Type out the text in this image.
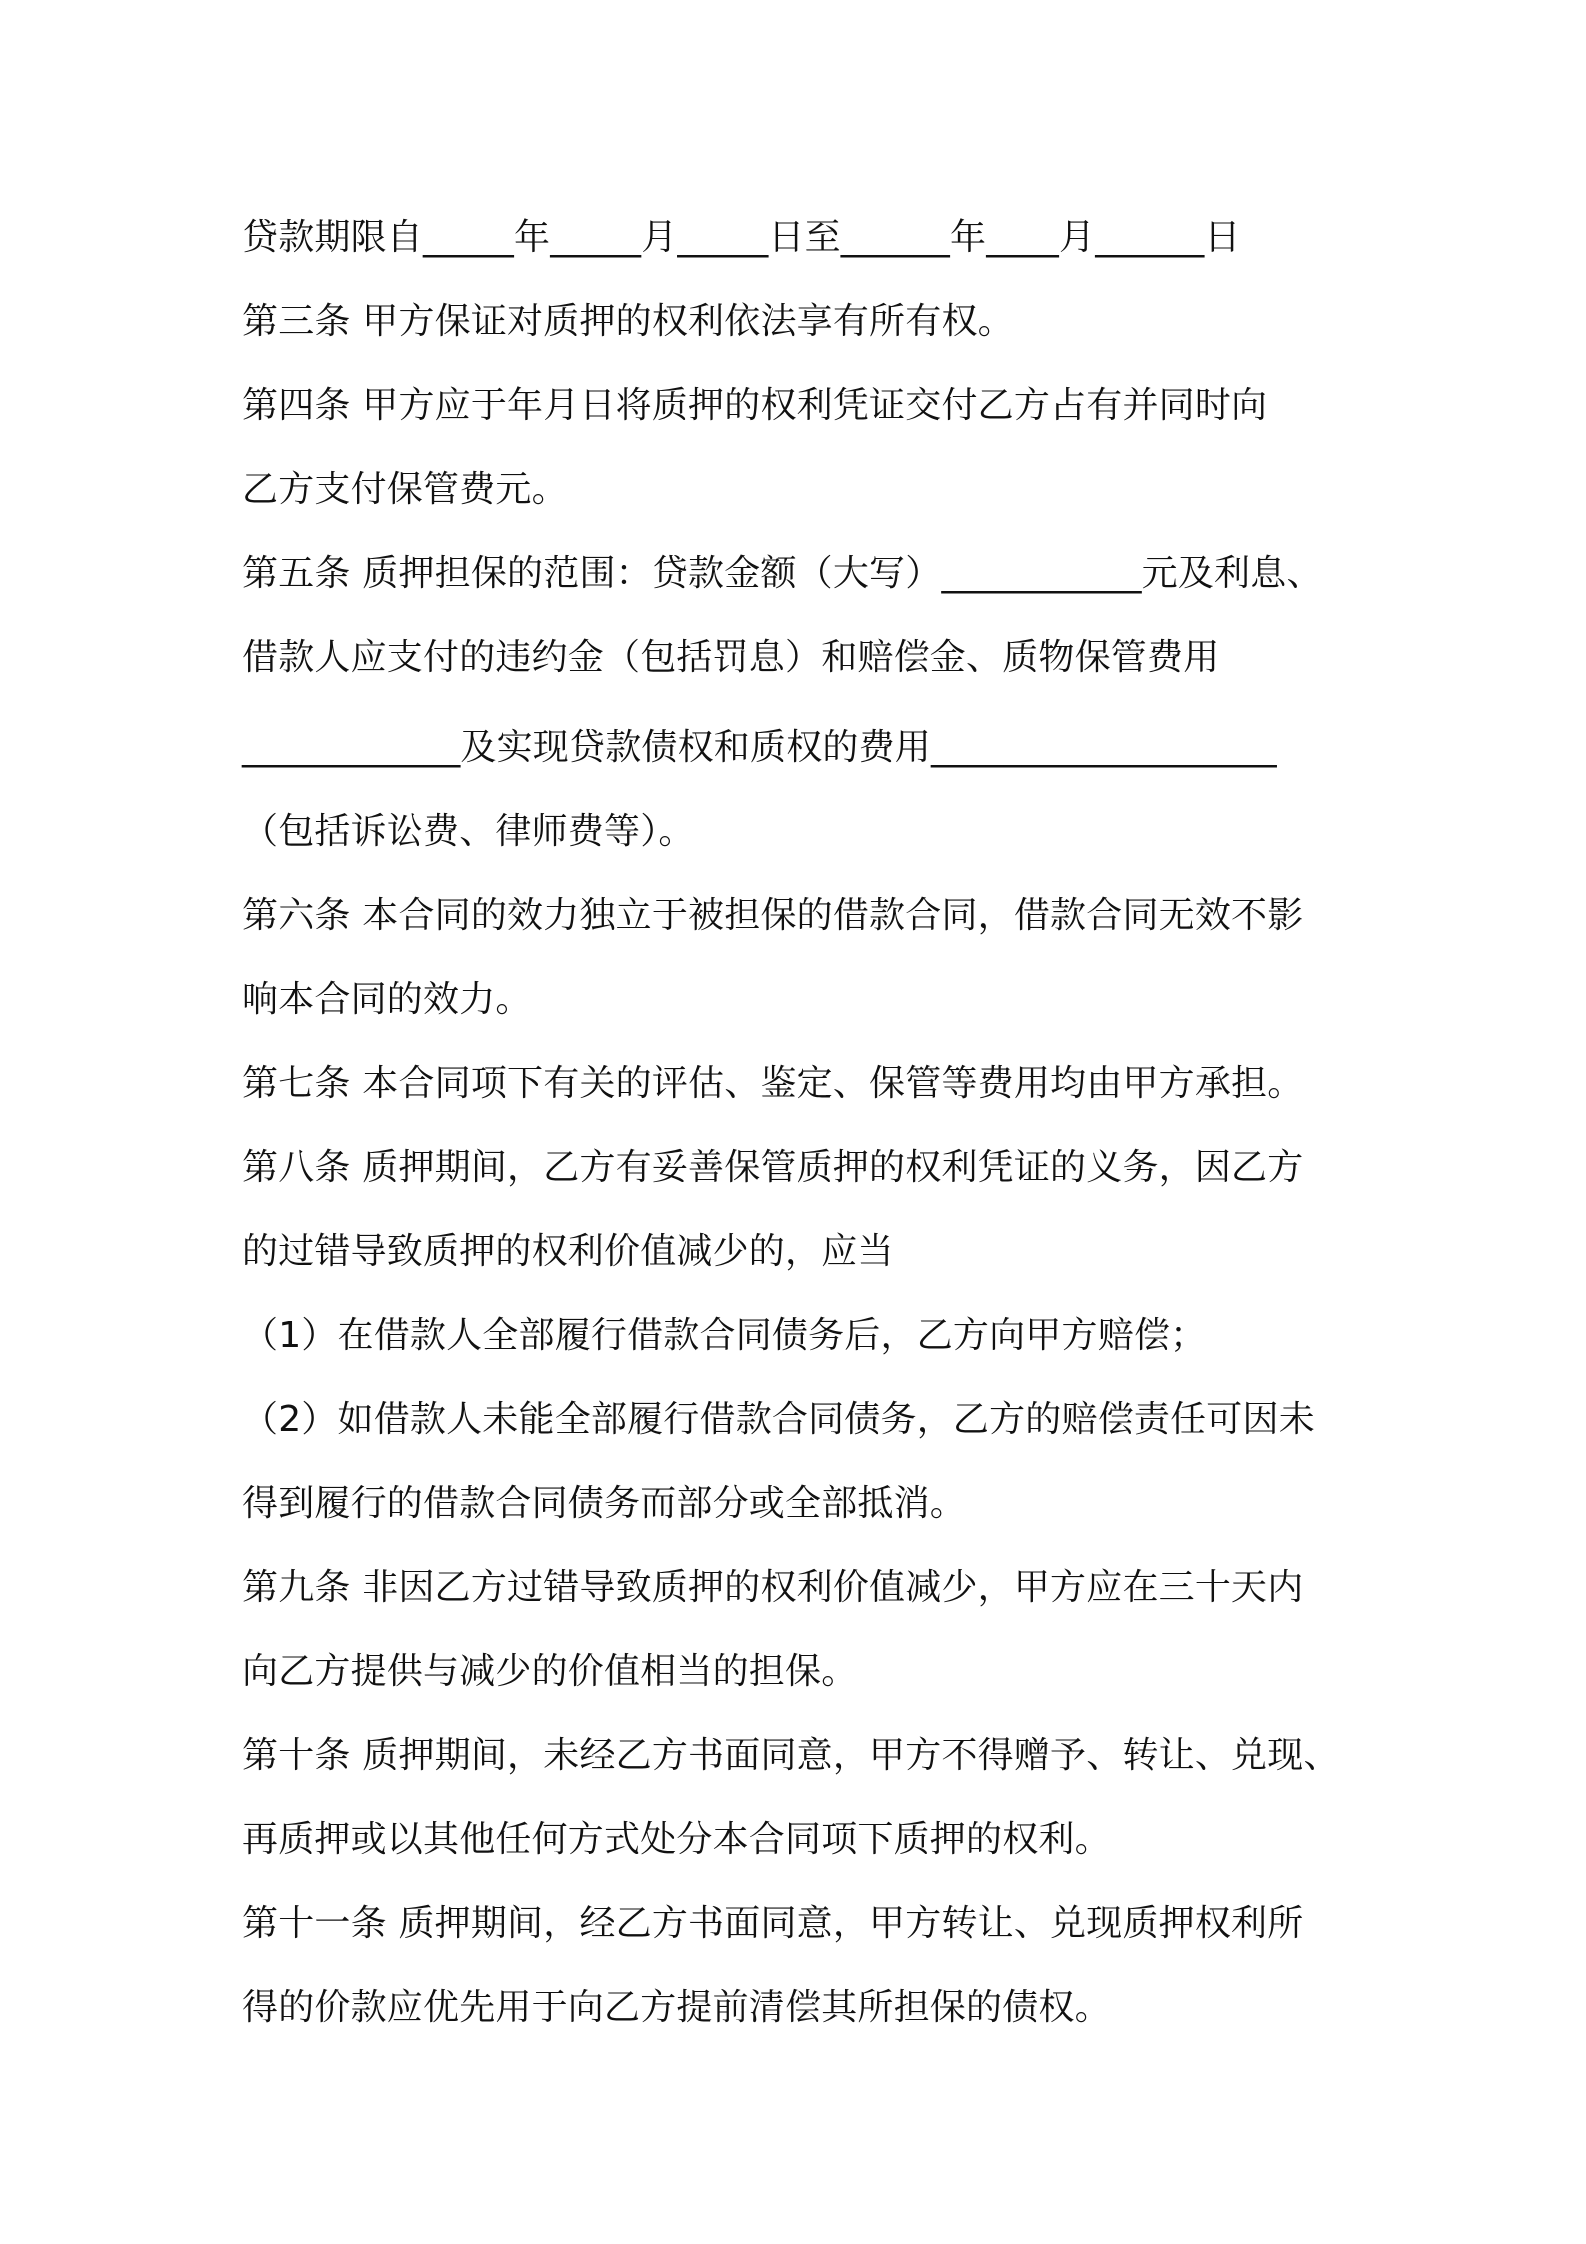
贷款期限自_____年_____月_____日至______年____月______日
第三条 甲方保证对质押的权利依法享有所有权。
第四条 甲方应于年月日将质押的权利凭证交付乙方占有并同时向
乙方支付保管费元。
第五条 质押担保的范围：贷款金额（大写）___________元及利息、
借款人应支付的违约金（包括罚息）和赔偿金、质物保管费用
____________及实现贷款债权和质权的费用___________________
（包括诉讼费、律师费等）。
第六条 本合同的效力独立于被担保的借款合同，借款合同无效不影
响本合同的效力。
第七条 本合同项下有关的评估、鉴定、保管等费用均由甲方承担。
第八条 质押期间，乙方有妥善保管质押的权利凭证的义务，因乙方
的过错导致质押的权利价值减少的，应当
（1）在借款人全部履行借款合同债务后，乙方向甲方赔偿；
（2）如借款人未能全部履行借款合同债务，乙方的赔偿责任可因未
得到履行的借款合同债务而部分或全部抵消。
第九条 非因乙方过错导致质押的权利价值减少，甲方应在三十天内
向乙方提供与减少的价值相当的担保。
第十条 质押期间，未经乙方书面同意，甲方不得赠予、转让、兑现、
再质押或以其他任何方式处分本合同项下质押的权利。
第十一条 质押期间，经乙方书面同意，甲方转让、兑现质押权利所
得的价款应优先用于向乙方提前清偿其所担保的债权。
